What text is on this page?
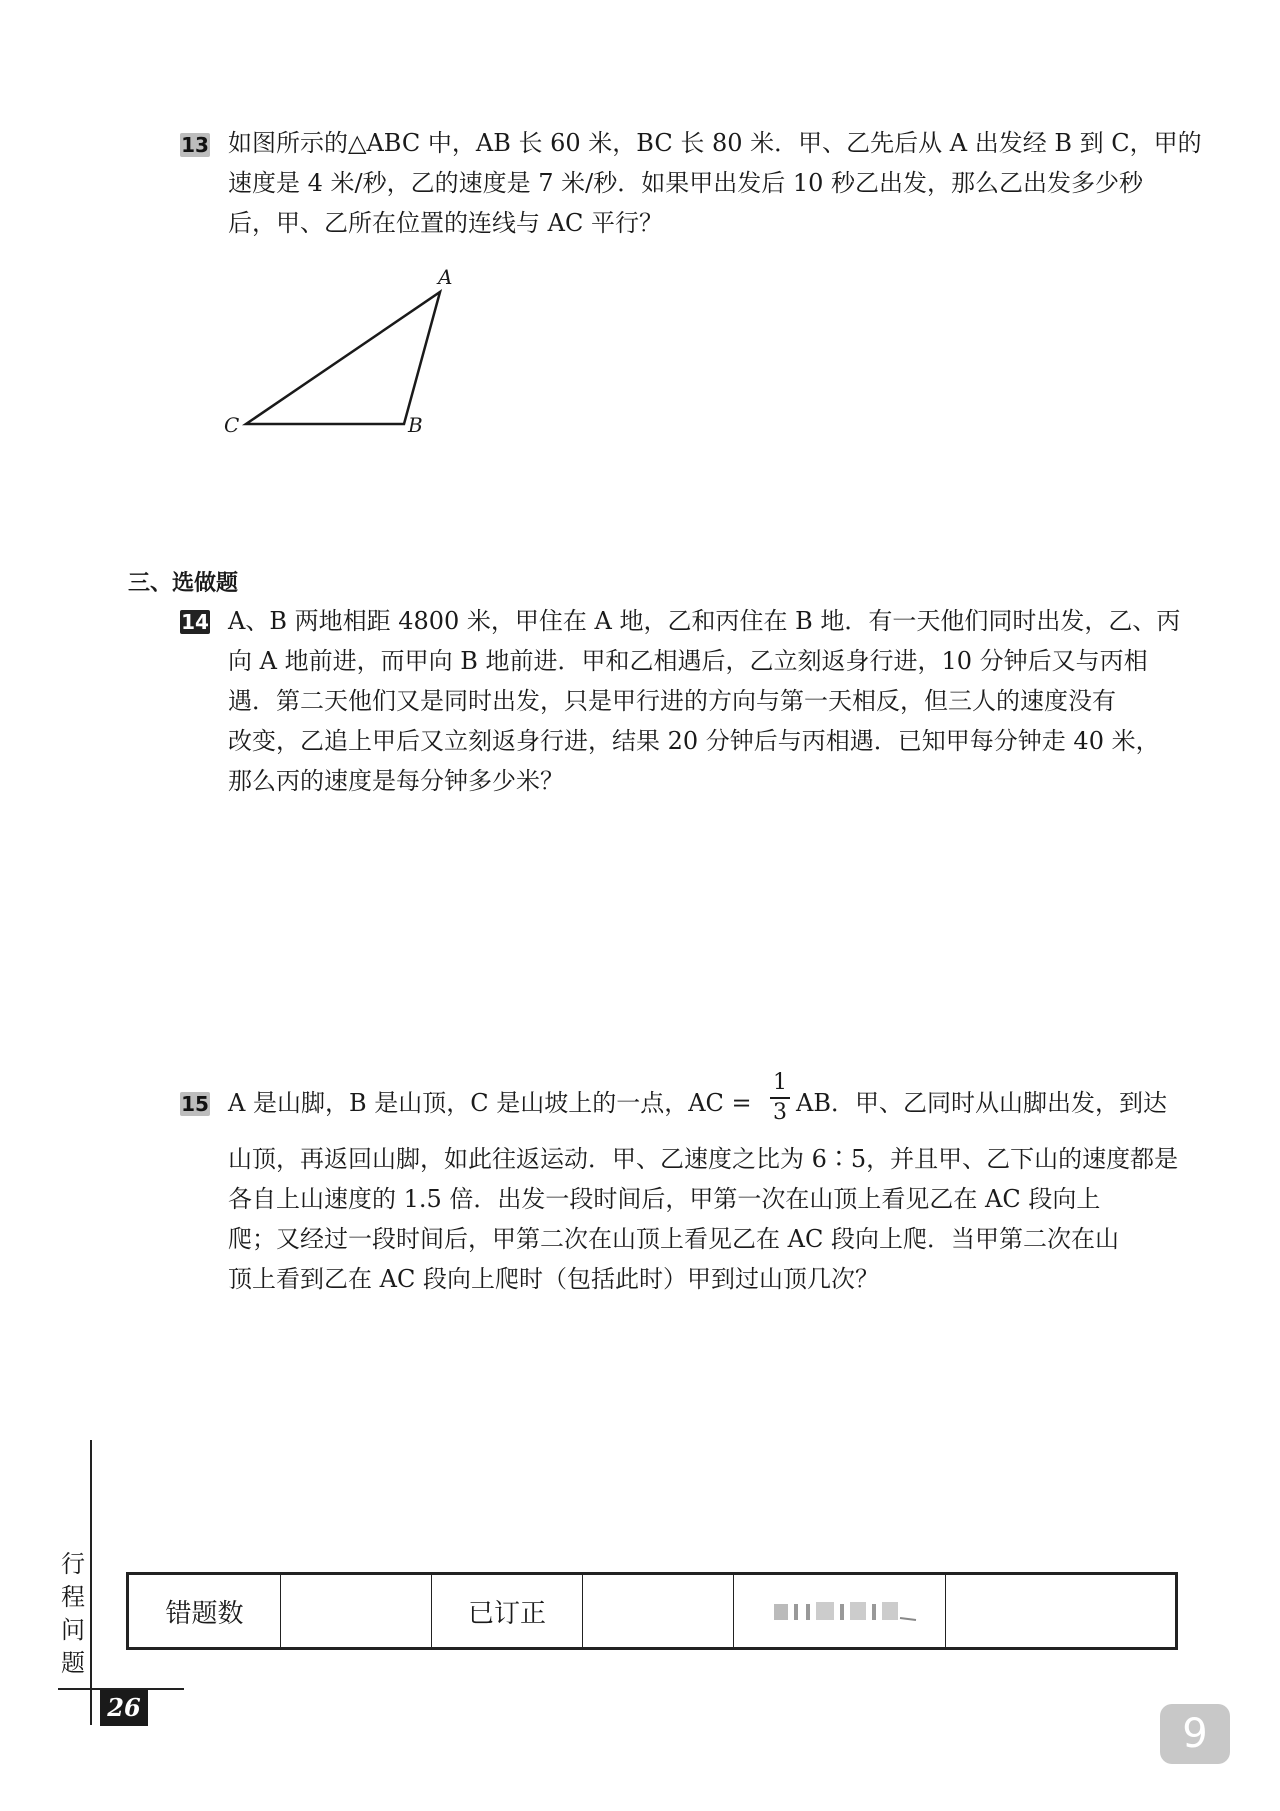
13 如图所示的△ABC 中，AB 长 60 米，BC 长 80 米．甲、乙先后从 A 出发经 B 到 C，甲的
速度是 4 米/秒，乙的速度是 7 米/秒．如果甲出发后 10 秒乙出发，那么乙出发多少秒
后，甲、乙所在位置的连线与 AC 平行？
A
B
C
三、选做题
14 A、B 两地相距 4800 米，甲住在 A 地，乙和丙住在 B 地．有一天他们同时出发，乙、丙
向 A 地前进，而甲向 B 地前进．甲和乙相遇后，乙立刻返身行进，10 分钟后又与丙相
遇．第二天他们又是同时出发，只是甲行进的方向与第一天相反，但三人的速度没有
改变，乙追上甲后又立刻返身行进，结果 20 分钟后与丙相遇．已知甲每分钟走 40 米，
那么丙的速度是每分钟多少米？
15 A 是山脚，B 是山顶，C 是山坡上的一点，AC =
1
3 AB．甲、乙同时从山脚出发，到达
山顶，再返回山脚，如此往返运动．甲、乙速度之比为 6∶5，并且甲、乙下山的速度都是
各自上山速度的 1.5 倍．出发一段时间后，甲第一次在山顶上看见乙在 AC 段向上
爬；又经过一段时间后，甲第二次在山顶上看见乙在 AC 段向上爬．当甲第二次在山
顶上看到乙在 AC 段向上爬时（包括此时）甲到过山顶几次？
行程问题
26
错题数	已订正
9
